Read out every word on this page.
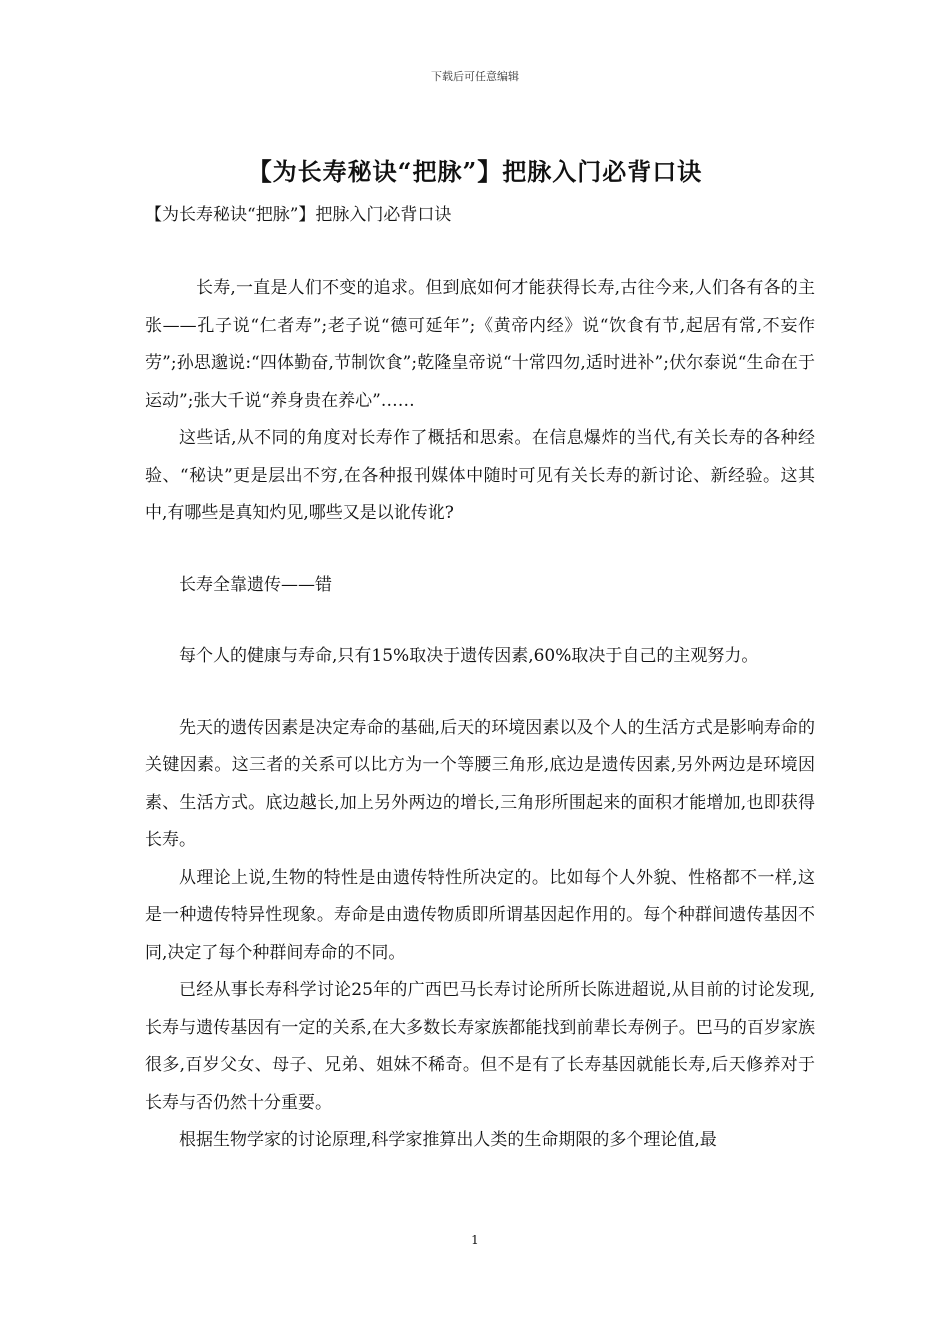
下载后可任意编辑
【为长寿秘诀“把脉”】把脉入门必背口诀
【为长寿秘诀“把脉”】把脉入门必背口诀

长寿,一直是人们不变的追求。但到底如何才能获得长寿,古往今来,人们各有各的主张——孔子说“仁者寿”;老子说“德可延年”;《黄帝内经》说“饮食有节,起居有常,不妄作劳”;孙思邈说:“四体勤奋,节制饮食”;乾隆皇帝说“十常四勿,适时进补”;伏尔泰说“生命在于运动”;张大千说“养身贵在养心”……

这些话,从不同的角度对长寿作了概括和思索。在信息爆炸的当代,有关长寿的各种经验、“秘诀”更是层出不穷,在各种报刊媒体中随时可见有关长寿的新讨论、新经验。这其中,有哪些是真知灼见,哪些又是以讹传讹?

长寿全靠遗传——错

每个人的健康与寿命,只有15%取决于遗传因素,60%取决于自己的主观努力。

先天的遗传因素是决定寿命的基础,后天的环境因素以及个人的生活方式是影响寿命的关键因素。这三者的关系可以比方为一个等腰三角形,底边是遗传因素,另外两边是环境因素、生活方式。底边越长,加上另外两边的增长,三角形所围起来的面积才能增加,也即获得长寿。

从理论上说,生物的特性是由遗传特性所决定的。比如每个人外貌、性格都不一样,这是一种遗传特异性现象。寿命是由遗传物质即所谓基因起作用的。每个种群间遗传基因不同,决定了每个种群间寿命的不同。

已经从事长寿科学讨论25年的广西巴马长寿讨论所所长陈进超说,从目前的讨论发现,长寿与遗传基因有一定的关系,在大多数长寿家族都能找到前辈长寿例子。巴马的百岁家族很多,百岁父女、母子、兄弟、姐妹不稀奇。但不是有了长寿基因就能长寿,后天修养对于长寿与否仍然十分重要。

根据生物学家的讨论原理,科学家推算出人类的生命期限的多个理论值,最

1
